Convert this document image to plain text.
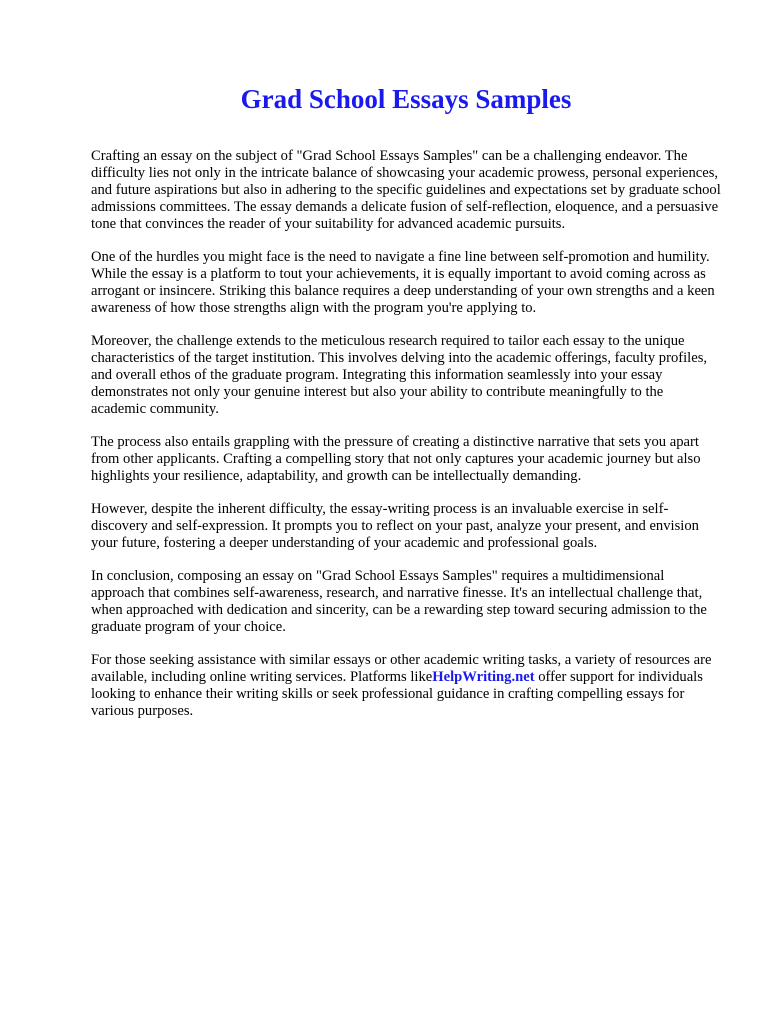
Grad School Essays Samples

Crafting an essay on the subject of "Grad School Essays Samples" can be a challenging endeavor. The difficulty lies not only in the intricate balance of showcasing your academic prowess, personal experiences, and future aspirations but also in adhering to the specific guidelines and expectations set by graduate school admissions committees. The essay demands a delicate fusion of self-reflection, eloquence, and a persuasive tone that convinces the reader of your suitability for advanced academic pursuits.

One of the hurdles you might face is the need to navigate a fine line between self-promotion and humility. While the essay is a platform to tout your achievements, it is equally important to avoid coming across as arrogant or insincere. Striking this balance requires a deep understanding of your own strengths and a keen awareness of how those strengths align with the program you're applying to.

Moreover, the challenge extends to the meticulous research required to tailor each essay to the unique characteristics of the target institution. This involves delving into the academic offerings, faculty profiles, and overall ethos of the graduate program. Integrating this information seamlessly into your essay demonstrates not only your genuine interest but also your ability to contribute meaningfully to the academic community.

The process also entails grappling with the pressure of creating a distinctive narrative that sets you apart from other applicants. Crafting a compelling story that not only captures your academic journey but also highlights your resilience, adaptability, and growth can be intellectually demanding.

However, despite the inherent difficulty, the essay-writing process is an invaluable exercise in self-discovery and self-expression. It prompts you to reflect on your past, analyze your present, and envision your future, fostering a deeper understanding of your academic and professional goals.

In conclusion, composing an essay on "Grad School Essays Samples" requires a multidimensional approach that combines self-awareness, research, and narrative finesse. It's an intellectual challenge that, when approached with dedication and sincerity, can be a rewarding step toward securing admission to the graduate program of your choice.

For those seeking assistance with similar essays or other academic writing tasks, a variety of resources are available, including online writing services. Platforms likeHelpWriting.net offer support for individuals looking to enhance their writing skills or seek professional guidance in crafting compelling essays for various purposes.
